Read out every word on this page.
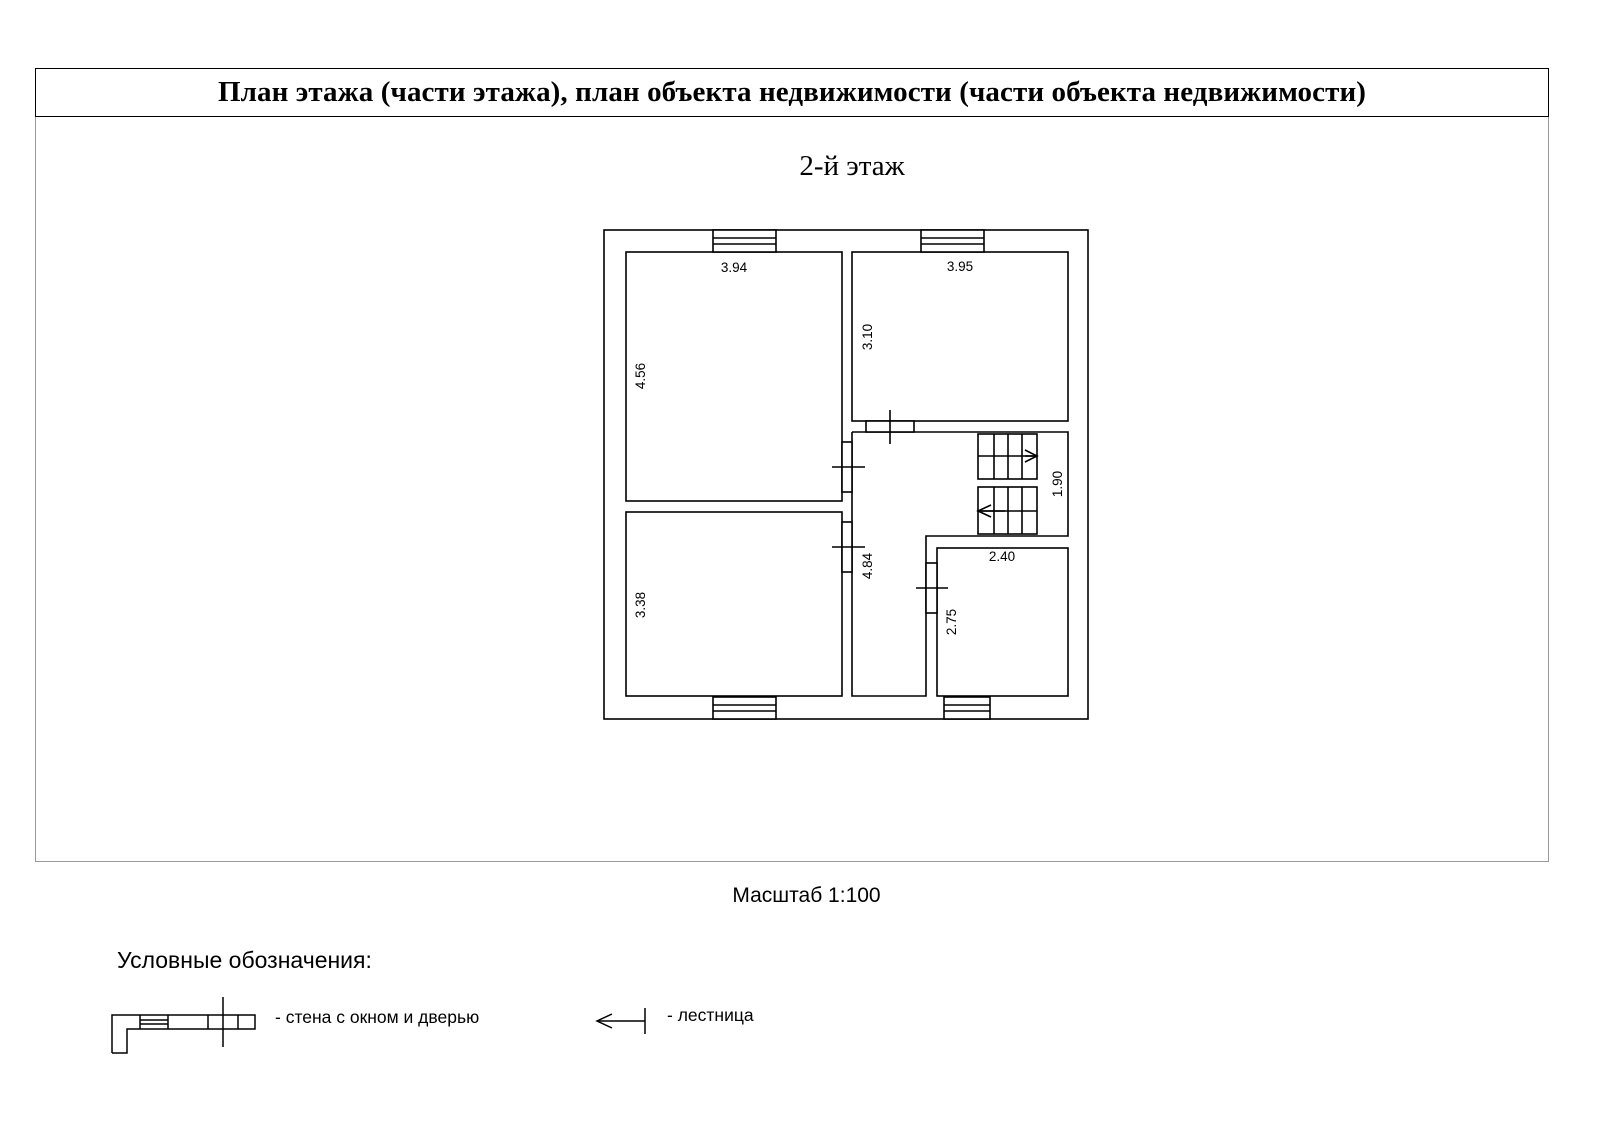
План этажа (части этажа), план объекта недвижимости (части объекта недвижимости)
2-й этаж
3.94	3.95
2.40
4.56
3.10
3.38
4.84
1.90
2.75
Масштаб 1:100
Условные обозначения:
- стена с окном и дверью	- лестница
